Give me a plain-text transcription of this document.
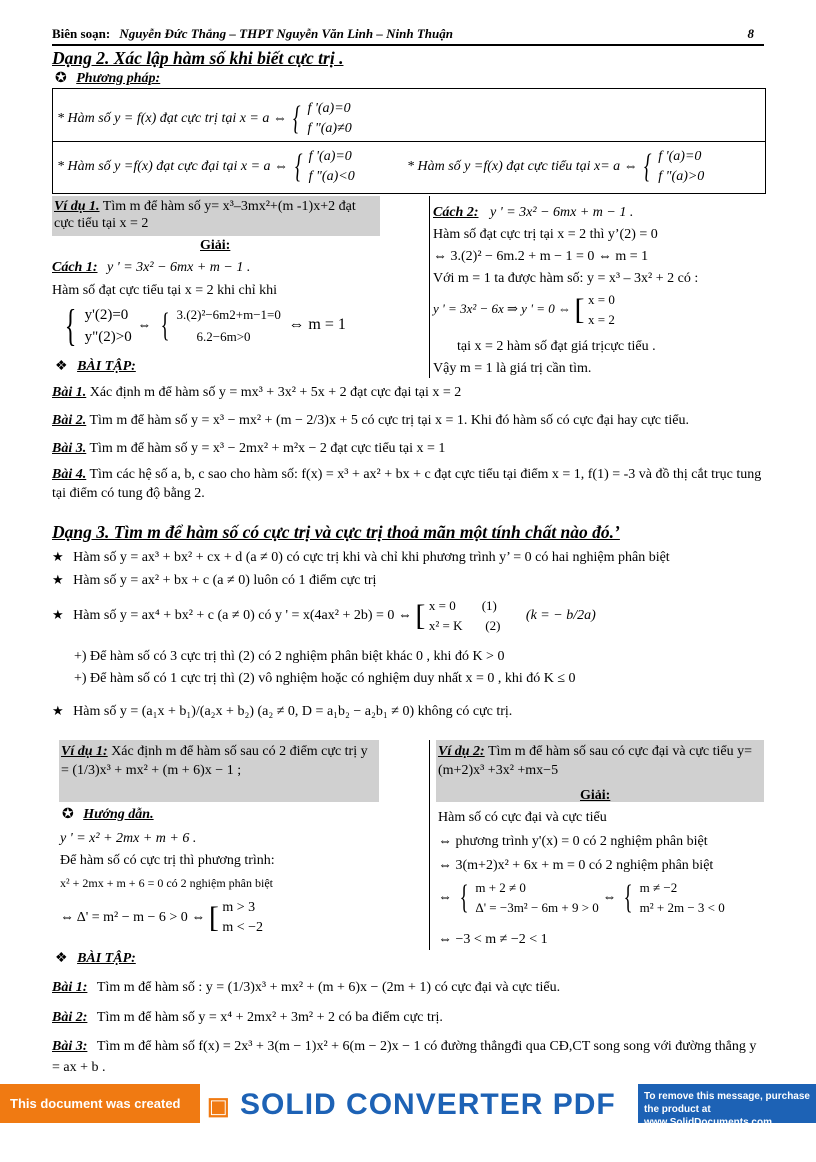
Biên soạn: Nguyễn Đức Thắng – THPT Nguyễn Văn Linh – Ninh Thuận	8
Dạng 2. Xác lập hàm số khi biết cực trị .
✪ Phương pháp:
* Hàm số y = f(x) đạt cực trị tại x = a ⇔ { f '(a)=0
f "(a)≠0
* Hàm số y =f(x) đạt cực đại tại x = a ⇔ { f '(a)=0
f "(a)<0
* Hàm số y =f(x) đạt cực tiểu tại x= a ⇔ { f '(a)=0
f "(a)>0
Ví dụ 1. Tìm m để hàm số y= x³–3mx²+(m -1)x+2 đạt cực tiểu tại x = 2
Giải:
Cách 1: y ' = 3x² − 6mx + m − 1 .
Hàm số đạt cực tiểu tại x = 2 khi chỉ khi
{ y'(2)=0
y"(2)>0
⇔ { 3.(2)²−6m2+m−1=0
6.2−6m>0
⇔ m = 1
❖ BÀI TẬP:
Cách 2: y ' = 3x² − 6mx + m − 1 .
Hàm số đạt cực trị tại x = 2 thì y’(2) = 0
⇔ 3.(2)² − 6m.2 + m − 1 = 0 ⇔ m = 1
Với m = 1 ta được hàm số: y = x³ – 3x² + 2 có :
y ' = 3x² − 6x ⇒ y ' = 0 ⇔ [ x = 0
x = 2
tại x = 2 hàm số đạt giá trịcực tiểu .
Vậy m = 1 là giá trị cần tìm.
Bài 1. Xác định m để hàm số y = mx³ + 3x² + 5x + 2 đạt cực đại tại x = 2
Bài 2. Tìm m để hàm số y = x³ − mx² + (m − 2/3)x + 5 có cực trị tại x = 1. Khi đó hàm số có cực đại hay cực tiểu.
Bài 3. Tìm m để hàm số y = x³ − 2mx² + m²x − 2 đạt cực tiểu tại x = 1
Bài 4. Tìm các hệ số a, b, c sao cho hàm số: f(x) = x³ + ax² + bx + c đạt cực tiểu tại điểm x = 1, f(1) = -3 và đồ thị cắt trục tung tại điểm có tung độ bằng 2.
Dạng 3. Tìm m để hàm số có cực trị và cực trị thoả mãn một tính chất nào đó.’
★ Hàm số y = ax³ + bx² + cx + d (a ≠ 0) có cực trị khi và chỉ khi phương trình y’ = 0 có hai nghiệm phân biệt
★ Hàm số y = ax² + bx + c (a ≠ 0) luôn có 1 điểm cực trị
★ Hàm số y = ax⁴ + bx² + c (a ≠ 0) có y ' = x(4ax² + 2b) = 0 ⇔ [ x = 0        (1)
x² = K       (2)
(k = − b/2a)
+) Để hàm số có 3 cực trị thì (2) có 2 nghiệm phân biệt khác 0 , khi đó K > 0
+) Để hàm số có 1 cực trị thì (2) vô nghiệm hoặc có nghiệm duy nhất x = 0 , khi đó K ≤ 0
★ Hàm số y = (a₁x + b₁)/(a₂x + b₂) (a₂ ≠ 0, D = a₁b₂ − a₂b₁ ≠ 0) không có cực trị.
Ví dụ 1: Xác định m để hàm số sau có 2 điểm cực trị y = (1/3)x³ + mx² + (m + 6)x − 1 ;
✪ Hướng dẫn.
y ' = x² + 2mx + m + 6 .
Để hàm số có cực trị thì phương trình:
x² + 2mx + m + 6 = 0 có 2 nghiệm phân biệt
⇔ Δ' = m² − m − 6 > 0 ⇔ [ m > 3
m < −2
Ví dụ 2: Tìm m để hàm số sau có cực đại và cực tiểu y=(m+2)x³ +3x² +mx−5
Giải:
Hàm số có cực đại và cực tiểu
⇔ phương trình y'(x) = 0 có 2 nghiệm phân biệt
⇔ 3(m+2)x² + 6x + m = 0 có 2 nghiệm phân biệt
⇔ { m + 2 ≠ 0
Δ' = −3m² − 6m + 9 > 0
⇔ { m ≠ −2
m² + 2m − 3 < 0
⇔ −3 < m ≠ −2 < 1
❖ BÀI TẬP:
Bài 1: Tìm m để hàm số : y = (1/3)x³ + mx² + (m + 6)x − (2m + 1) có cực đại và cực tiểu.
Bài 2: Tìm m để hàm số y = x⁴ + 2mx² + 3m² + 2 có ba điểm cực trị.
Bài 3: Tìm m để hàm số f(x) = 2x³ + 3(m − 1)x² + 6(m − 2)x − 1 có đường thẳngđi qua CĐ,CT song song với đường thẳng y = ax + b .
This document was created using
▣ SOLID CONVERTER PDF	To remove this message, purchase the product at www.SolidDocuments.com
